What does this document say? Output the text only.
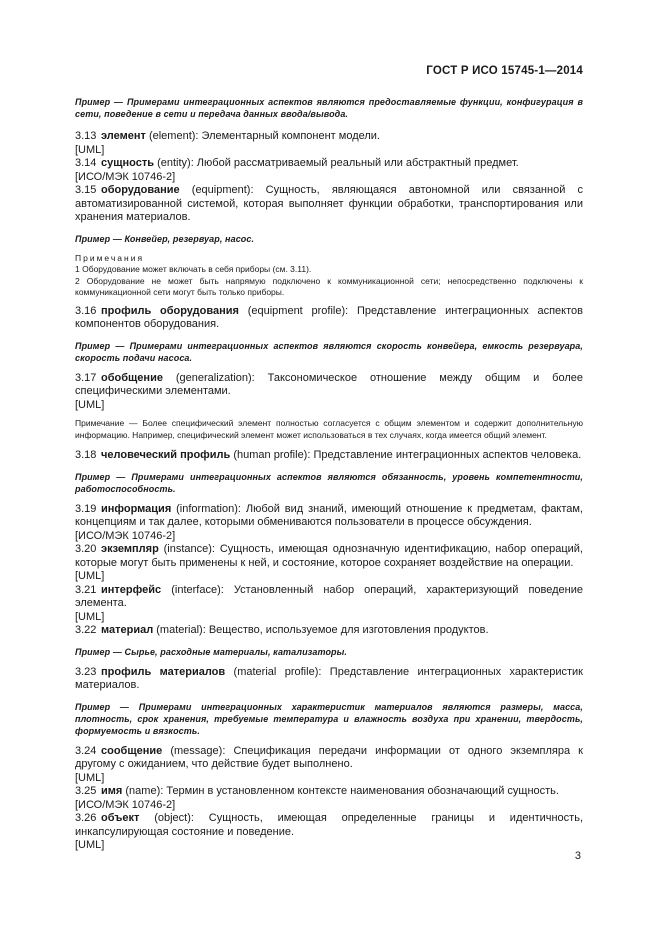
ГОСТ Р ИСО 15745-1—2014

Пример — Примерами интеграционных аспектов являются предоставляемые функции, конфигурация в сети, поведение в сети и передача данных ввода/вывода.

3.13 элемент (element): Элементарный компонент модели.

[UML]

3.14 сущность (entity): Любой рассматриваемый реальный или абстрактный предмет.

[ИСО/МЭК 10746-2]

3.15 оборудование (equipment): Сущность, являющаяся автономной или связанной с автоматизированной системой, которая выполняет функции обработки, транспортирования или хранения материалов.

Пример — Конвейер, резервуар, насос.

Примечания

1 Оборудование может включать в себя приборы (см. 3.11).

2 Оборудование не может быть напрямую подключено к коммуникационной сети; непосредственно подключены к коммуникационной сети могут быть только приборы.

3.16 профиль оборудования (equipment profile): Представление интеграционных аспектов компонентов оборудования.

Пример — Примерами интеграционных аспектов являются скорость конвейера, емкость резервуара, скорость подачи насоса.

3.17 обобщение (generalization): Таксономическое отношение между общим и более специфическими элементами.

[UML]

Примечание — Более специфический элемент полностью согласуется с общим элементом и содержит дополнительную информацию. Например, специфический элемент может использоваться в тех случаях, когда имеется общий элемент.

3.18 человеческий профиль (human profile): Представление интеграционных аспектов человека.

Пример — Примерами интеграционных аспектов являются обязанность, уровень компетентности, работоспособность.

3.19 информация (information): Любой вид знаний, имеющий отношение к предметам, фактам, концепциям и так далее, которыми обмениваются пользователи в процессе обсуждения.

[ИСО/МЭК 10746-2]

3.20 экземпляр (instance): Сущность, имеющая однозначную идентификацию, набор операций, которые могут быть применены к ней, и состояние, которое сохраняет воздействие на операции.

[UML]

3.21 интерфейс (interface): Установленный набор операций, характеризующий поведение элемента.

[UML]

3.22 материал (material): Вещество, используемое для изготовления продуктов.

Пример — Сырье, расходные материалы, катализаторы.

3.23 профиль материалов (material profile): Представление интеграционных характеристик материалов.

Пример — Примерами интеграционных характеристик материалов являются размеры, масса, плотность, срок хранения, требуемые температура и влажность воздуха при хранении, твердость, формуемость и вязкость.

3.24 сообщение (message): Спецификация передачи информации от одного экземпляра к другому с ожиданием, что действие будет выполнено.

[UML]

3.25 имя (name): Термин в установленном контексте наименования обозначающий сущность.

[ИСО/МЭК 10746-2]

3.26 объект (object): Сущность, имеющая определенные границы и идентичность, инкапсулирующая состояние и поведение.

[UML]

3
